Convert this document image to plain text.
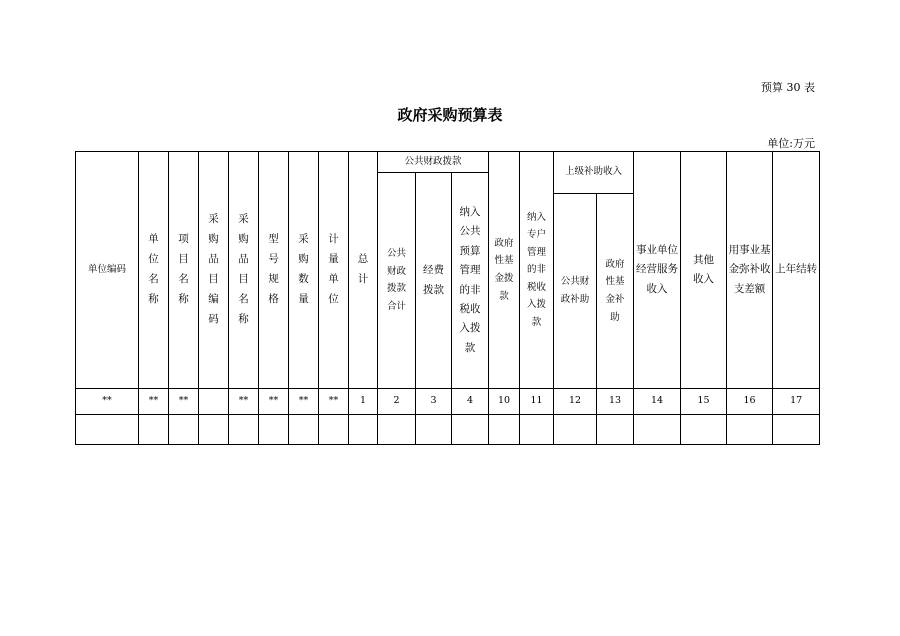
预算 30 表
政府采购预算表
单位:万元
单位编码	单位名称	项目名称	采购品目编码	采购品目名称	型号规格	采购数量	计量单位	总计	公共财政拨款			政府性基金拨款	纳入专户管理的非税收入拨款	上级补助收入		事业单位经营服务收入	其他收入	用事业基金弥补收支差额	上年结转
									公共财政拨款合计	经费拨款	纳入公共预算管理的非税收入拨款								
														公共财政补助	政府性基金补助				
**	**	**		**	**	**	**	1	2	3	4	10	11	12	13	14	15	16	17
